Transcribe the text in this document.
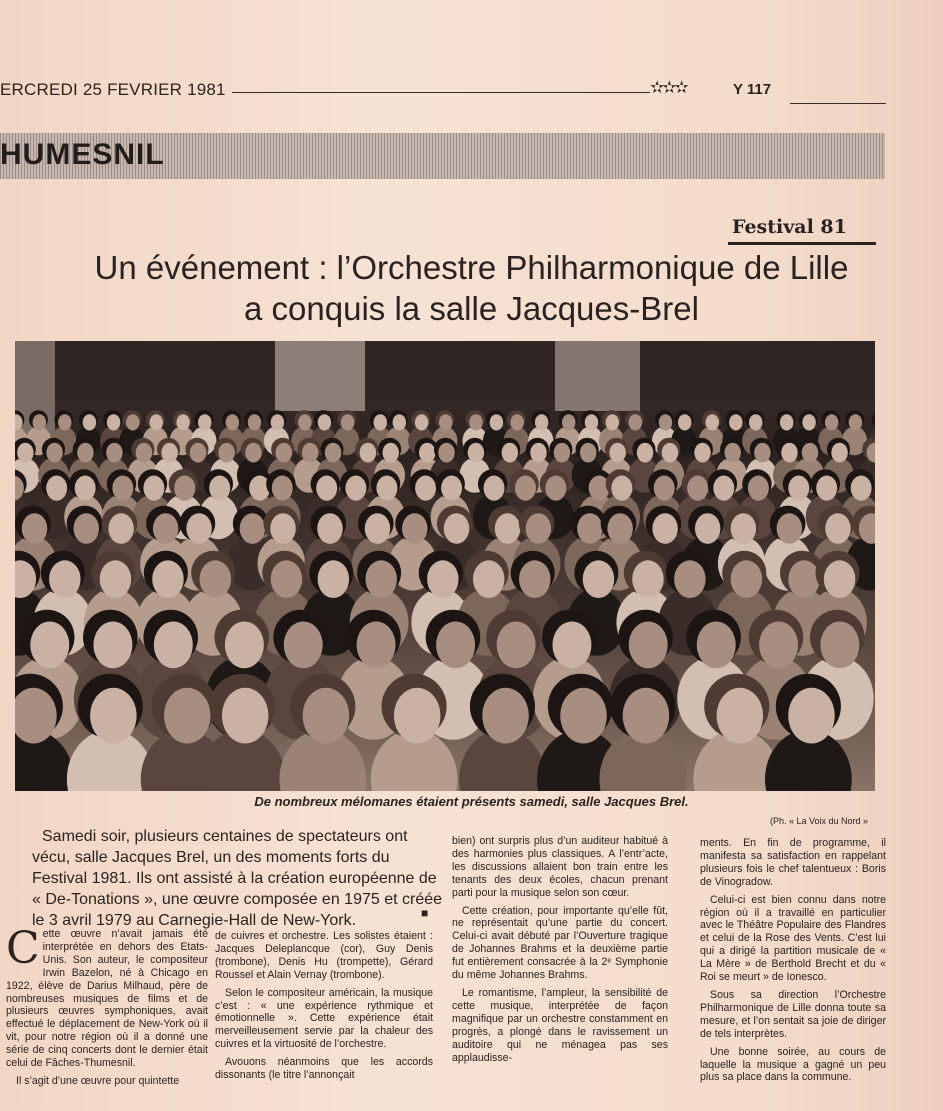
ERCREDI 25 FEVRIER 1981	✫✫✫	Y 117
HUMESNIL
Festival 81
Un événement : l’Orchestre Philharmonique de Lille
a conquis la salle Jacques-Brel
De nombreux mélomanes étaient présents samedi, salle Jacques Brel.
(Ph. « La Voix du Nord »
Samedi soir, plusieurs centaines de spectateurs ont vécu, salle Jacques Brel, un des moments forts du Festival 1981. Ils ont assisté à la création européenne de « De-Tonations », une œuvre composée en 1975 et créée le 3 avril 1979 au Carnegie-Hall de New-York.	■

Cette œuvre n’avait jamais été interprétée en dehors des Etats-Unis. Son auteur, le compositeur Irwin Bazelon, né à Chicago en 1922, élève de Darius Milhaud, père de nombreuses musiques de films et de plusieurs œuvres symphoniques, avait effectué le déplacement de New-York où il vit, pour notre région où il a donné une série de cinq concerts dont le dernier était celui de Fâches-Thumesnil.

Il s’agit d’une œuvre pour quintette

de cuivres et orchestre. Les solistes étaient : Jacques Deleplancque (cor), Guy Denis (trombone), Denis Hu (trompette), Gérard Roussel et Alain Vernay (trombone).

Selon le compositeur américain, la musique c’est : « une expérience rythmique et émotionnelle ». Cette expérience était merveilleusement servie par la chaleur des cuivres et la virtuosité de l’orchestre.

Avouons néanmoins que les accords dissonants (le titre l’annonçait

bien) ont surpris plus d’un auditeur habitué à des harmonies plus classiques. A l’entr’acte, les discussions allaient bon train entre les tenants des deux écoles, chacun prenant parti pour la musique selon son cœur.

Cette création, pour importante qu’elle fût, ne représentait qu’une partie du concert. Celui-ci avait débuté par l’Ouverture tragique de Johannes Brahms et la deuxième partie fut entièrement consacrée à la 2ᵉ Symphonie du même Johannes Brahms.

Le romantisme, l’ampleur, la sensibilité de cette musique, interprétée de façon magnifique par un orchestre constamment en progrès, a plongé dans le ravissement un auditoire qui ne ménagea pas ses applaudisse-

ments. En fin de programme, il manifesta sa satisfaction en rappelant plusieurs fois le chef talentueux : Boris de Vinogradow.

Celui-ci est bien connu dans notre région où il a travaillé en particulier avec le Théâtre Populaire des Flandres et celui de la Rose des Vents. C’est lui qui a dirigé la partition musicale de « La Mère » de Berthold Brecht et du « Roi se meurt » de Ionesco.

Sous sa direction l’Orchestre Philharmonique de Lille donna toute sa mesure, et l’on sentait sa joie de diriger de tels interprètes.

Une bonne soirée, au cours de laquelle la musique a gagné un peu plus sa place dans la commune.
